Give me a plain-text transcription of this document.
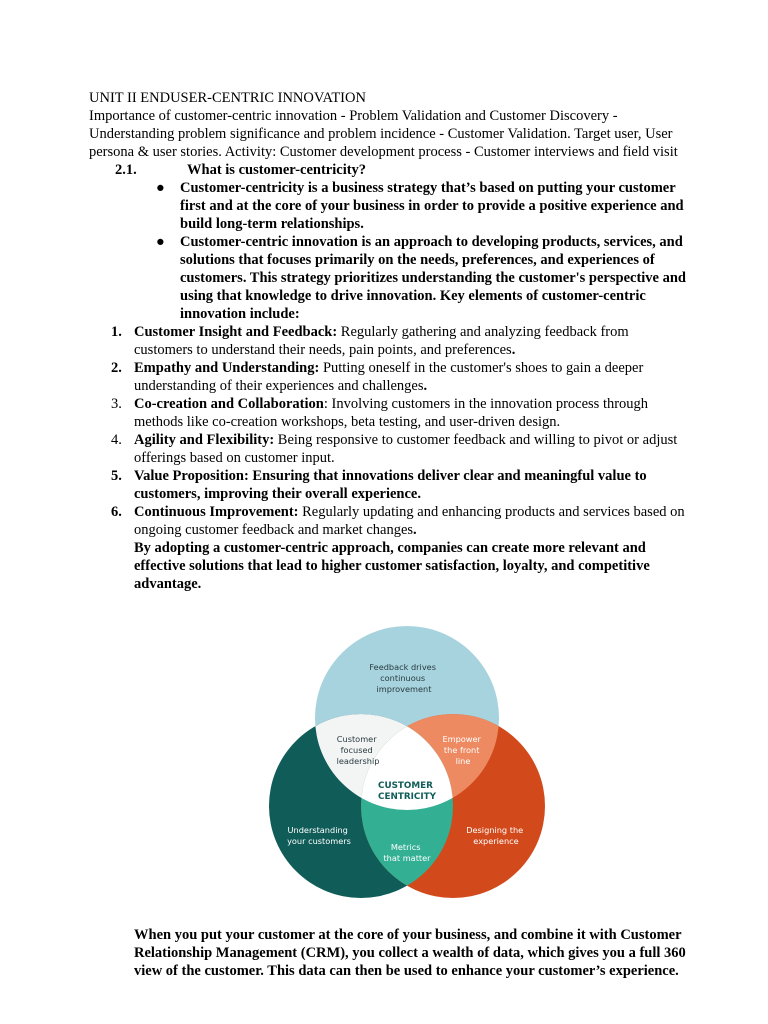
UNIT II ENDUSER-CENTRIC INNOVATION

Importance of customer-centric innovation - Problem Validation and Customer Discovery - Understanding problem significance and problem incidence - Customer Validation. Target user, User persona & user stories. Activity: Customer development process - Customer interviews and field visit

2.1.	What is customer-centricity?
● Customer-centricity is a business strategy that’s based on putting your customer first and at the core of your business in order to provide a positive experience and build long-term relationships.
● Customer-centric innovation is an approach to developing products, services, and solutions that focuses primarily on the needs, preferences, and experiences of customers. This strategy prioritizes understanding the customer's perspective and using that knowledge to drive innovation. Key elements of customer-centric innovation include:
1. Customer Insight and Feedback: Regularly gathering and analyzing feedback from customers to understand their needs, pain points, and preferences.
2. Empathy and Understanding: Putting oneself in the customer's shoes to gain a deeper understanding of their experiences and challenges.
3. Co-creation and Collaboration: Involving customers in the innovation process through methods like co-creation workshops, beta testing, and user-driven design.
4. Agility and Flexibility: Being responsive to customer feedback and willing to pivot or adjust offerings based on customer input.
5. Value Proposition: Ensuring that innovations deliver clear and meaningful value to customers, improving their overall experience.
6. Continuous Improvement: Regularly updating and enhancing products and services based on ongoing customer feedback and market changes.
By adopting a customer-centric approach, companies can create more relevant and effective solutions that lead to higher customer satisfaction, loyalty, and competitive advantage.
Feedback drives continuous improvement
Customer focused leadership
Empower the front line
CUSTOMER CENTRICITY
Understanding your customers
Designing the experience
Metrics that matter
When you put your customer at the core of your business, and combine it with Customer Relationship Management (CRM), you collect a wealth of data, which gives you a full 360 view of the customer. This data can then be used to enhance your customer’s experience.
